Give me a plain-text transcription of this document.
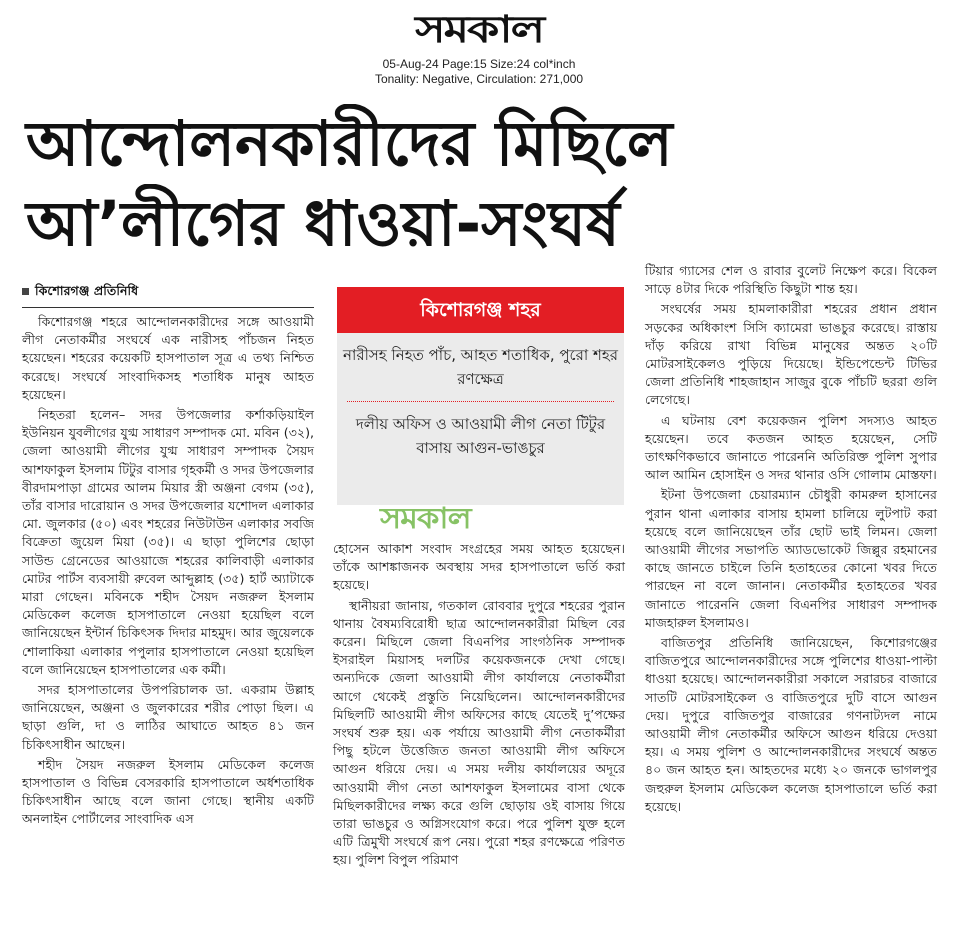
সমকাল
05-Aug-24 Page:15 Size:24 col*inch
Tonality: Negative, Circulation: 271,000
আন্দোলনকারীদের মিছিলে
আ’লীগের ধাওয়া-সংঘর্ষ
কিশোরগঞ্জ প্রতিনিধি
কিশোরগঞ্জ শহর
নারীসহ নিহত পাঁচ, আহত শতাধিক, পুরো শহর রণক্ষেত্র
দলীয় অফিস ও আওয়ামী লীগ নেতা টিটুর বাসায় আগুন-ভাঙচুর
সমকাল

কিশোরগঞ্জ শহরে আন্দোলনকারীদের সঙ্গে আওয়ামী লীগ নেতাকর্মীর সংঘর্ষে এক নারীসহ পাঁচজন নিহত হয়েছেন। শহরের কয়েকটি হাসপাতাল সূত্র এ তথ্য নিশ্চিত করেছে। সংঘর্ষে সাংবাদিকসহ শতাধিক মানুষ আহত হয়েছেন।

নিহতরা হলেন– সদর উপজেলার কর্শাকড়িয়াইল ইউনিয়ন যুবলীগের যুগ্ম সাধারণ সম্পাদক মো. মবিন (৩২), জেলা আওয়ামী লীগের যুগ্ম সাধারণ সম্পাদক সৈয়দ আশফাকুল ইসলাম টিটুর বাসার গৃহকর্মী ও সদর উপজেলার বীরদামপাড়া গ্রামের আলম মিয়ার স্ত্রী অঞ্জনা বেগম (৩৫), তাঁর বাসার দারোয়ান ও সদর উপজেলার যশোদল এলাকার মো. জুলকার (৫০) এবং শহরের নিউটাউন এলাকার সবজি বিক্রেতা জুয়েল মিয়া (৩৫)। এ ছাড়া পুলিশের ছোড়া সাউন্ড গ্রেনেডের আওয়াজে শহরের কালিবাড়ী এলাকার মোটর পার্টস ব্যবসায়ী রুবেল আব্দুল্লাহ (৩৫) হার্ট অ্যাটাকে মারা গেছেন। মবিনকে শহীদ সৈয়দ নজরুল ইসলাম মেডিকেল কলেজ হাসপাতালে নেওয়া হয়েছিল বলে জানিয়েছেন ইন্টার্ন চিকিৎসক দিদার মাহমুদ। আর জুয়েলকে শোলাকিয়া এলাকার পপুলার হাসপাতালে নেওয়া হয়েছিল বলে জানিয়েছেন হাসপাতালের এক কর্মী।

সদর হাসপাতালের উপপরিচালক ডা. একরাম উল্লাহ জানিয়েছেন, অঞ্জনা ও জুলকারের শরীর পোড়া ছিল। এ ছাড়া গুলি, দা ও লাঠির আঘাতে আহত ৪১ জন চিকিৎসাধীন আছেন।

শহীদ সৈয়দ নজরুল ইসলাম মেডিকেল কলেজ হাসপাতাল ও বিভিন্ন বেসরকারি হাসপাতালে অর্ধশতাধিক চিকিৎসাধীন আছে বলে জানা গেছে। স্থানীয় একটি অনলাইন পোর্টালের সাংবাদিক এস

হোসেন আকাশ সংবাদ সংগ্রহের সময় আহত হয়েছেন। তাঁকে আশঙ্কাজনক অবস্থায় সদর হাসপাতালে ভর্তি করা হয়েছে।

স্থানীয়রা জানায়, গতকাল রোববার দুপুরে শহরের পুরান থানায় বৈষম্যবিরোধী ছাত্র আন্দোলনকারীরা মিছিল বের করেন। মিছিলে জেলা বিএনপির সাংগঠনিক সম্পাদক ইসরাইল মিয়াসহ দলটির কয়েকজনকে দেখা গেছে। অন্যদিকে জেলা আওয়ামী লীগ কার্যালয়ে নেতাকর্মীরা আগে থেকেই প্রস্তুতি নিয়েছিলেন। আন্দোলনকারীদের মিছিলটি আওয়ামী লীগ অফিসের কাছে যেতেই দু’পক্ষের সংঘর্ষ শুরু হয়। এক পর্যায়ে আওয়ামী লীগ নেতাকর্মীরা পিছু হটলে উত্তেজিত জনতা আওয়ামী লীগ অফিসে আগুন ধরিয়ে দেয়। এ সময় দলীয় কার্যালয়ের অদূরে আওয়ামী লীগ নেতা আশফাকুল ইসলামের বাসা থেকে মিছিলকারীদের লক্ষ্য করে গুলি ছোড়ায় ওই বাসায় গিয়ে তারা ভাঙচুর ও অগ্নিসংযোগ করে। পরে পুলিশ যুক্ত হলে এটি ত্রিমুখী সংঘর্ষে রূপ নেয়। পুরো শহর রণক্ষেত্রে পরিণত হয়। পুলিশ বিপুল পরিমাণ

টিয়ার গ্যাসের শেল ও রাবার বুলেট নিক্ষেপ করে। বিকেল সাড়ে ৪টার দিকে পরিস্থিতি কিছুটা শান্ত হয়।

সংঘর্ষের সময় হামলাকারীরা শহরের প্রধান প্রধান সড়কের অধিকাংশ সিসি ক্যামেরা ভাঙচুর করেছে। রাস্তায় দাঁড় করিয়ে রাখা বিভিন্ন মানুষের অন্তত ২০টি মোটরসাইকেলও পুড়িয়ে দিয়েছে। ইন্ডিপেন্ডেন্ট টিভির জেলা প্রতিনিধি শাহজাহান সাজুর বুকে পাঁচটি ছররা গুলি লেগেছে।

এ ঘটনায় বেশ কয়েকজন পুলিশ সদস্যও আহত হয়েছেন। তবে কতজন আহত হয়েছেন, সেটি তাৎক্ষণিকভাবে জানাতে পারেননি অতিরিক্ত পুলিশ সুপার আল আমিন হোসাইন ও সদর থানার ওসি গোলাম মোস্তফা।

ইটনা উপজেলা চেয়ারম্যান চৌধুরী কামরুল হাসানের পুরান থানা এলাকার বাসায় হামলা চালিয়ে লুটপাট করা হয়েছে বলে জানিয়েছেন তাঁর ছোট ভাই লিমন। জেলা আওয়ামী লীগের সভাপতি অ্যাডভোকেট জিল্লুর রহমানের কাছে জানতে চাইলে তিনি হতাহতের কোনো খবর দিতে পারছেন না বলে জানান। নেতাকর্মীর হতাহতের খবর জানাতে পারেননি জেলা বিএনপির সাধারণ সম্পাদক মাজহারুল ইসলামও।

বাজিতপুর প্রতিনিধি জানিয়েছেন, কিশোরগঞ্জের বাজিতপুরে আন্দোলনকারীদের সঙ্গে পুলিশের ধাওয়া-পাল্টা ধাওয়া হয়েছে। আন্দোলনকারীরা সকালে সরারচর বাজারে সাতটি মোটরসাইকেল ও বাজিতপুরে দুটি বাসে আগুন দেয়। দুপুরে বাজিতপুর বাজারের গণনাট্যদল নামে আওয়ামী লীগ নেতাকর্মীর অফিসে আগুন ধরিয়ে দেওয়া হয়। এ সময় পুলিশ ও আন্দোলনকারীদের সংঘর্ষে অন্তত ৪০ জন আহত হন। আহতদের মধ্যে ২০ জনকে ভাগলপুর জহুরুল ইসলাম মেডিকেল কলেজ হাসপাতালে ভর্তি করা হয়েছে।
